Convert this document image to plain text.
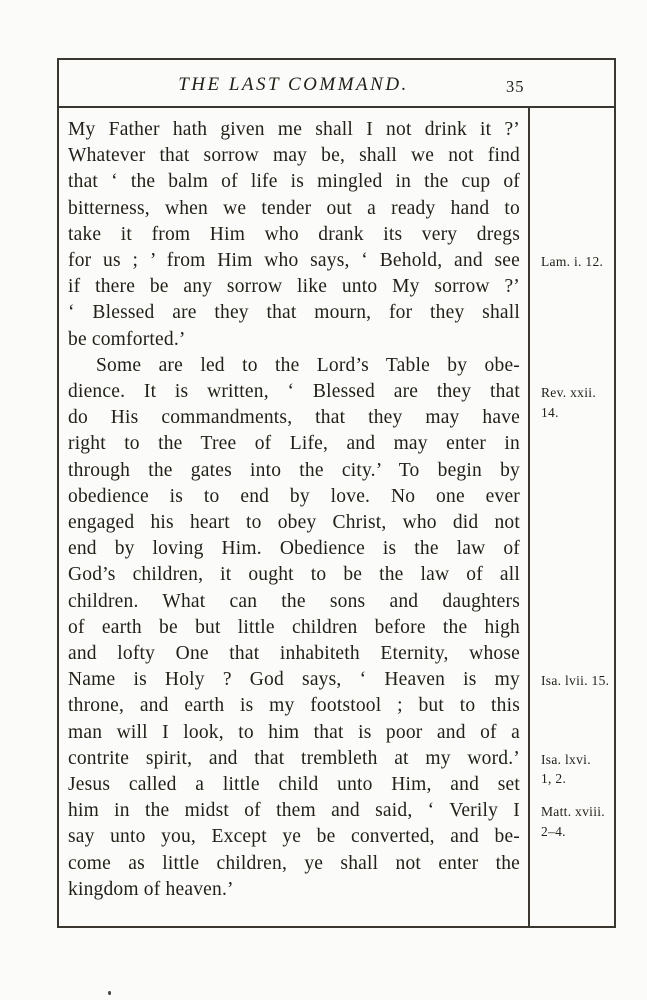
THE LAST COMMAND.	35
My Father hath given me shall I not drink it ?’
Whatever that sorrow may be, shall we not find
that ‘ the balm of life is mingled in the cup of
bitterness, when we tender out a ready hand to
take it from Him who drank its very dregs
for us ; ’ from Him who says, ‘ Behold, and see
if there be any sorrow like unto My sorrow ?’
‘ Blessed are they that mourn, for they shall
be comforted.’
Some are led to the Lord’s Table by obe-
dience. It is written, ‘ Blessed are they that
do His commandments, that they may have
right to the Tree of Life, and may enter in
through the gates into the city.’ To begin by
obedience is to end by love. No one ever
engaged his heart to obey Christ, who did not
end by loving Him. Obedience is the law of
God’s children, it ought to be the law of all
children. What can the sons and daughters
of earth be but little children before the high
and lofty One that inhabiteth Eternity, whose
Name is Holy ? God says, ‘ Heaven is my
throne, and earth is my footstool ; but to this
man will I look, to him that is poor and of a
contrite spirit, and that trembleth at my word.’
Jesus called a little child unto Him, and set
him in the midst of them and said, ‘ Verily I
say unto you, Except ye be converted, and be-
come as little children, ye shall not enter the
kingdom of heaven.’
Lam. i. 12.
Rev. xxii.
14.
Isa. lvii. 15.
Isa. lxvi.
1, 2.
Matt. xviii.
2–4.
